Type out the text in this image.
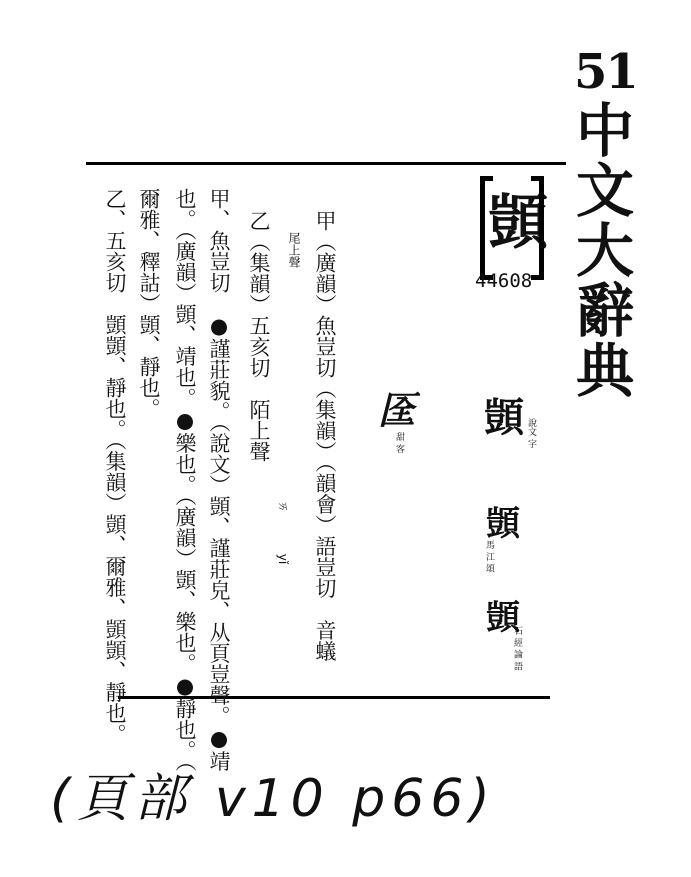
51
中文大辭典
顗
44608
顗 說文 字
顗
馬 江 頌
顗
石 經 論 語
𠤹
甜 客
甲（廣韻）魚豈切（集韻）（韻會）語豈切　音蟻
尾上聲
ㄞ
yǐ
乙（集韻）五亥切　陌上聲
甲、魚豈切　●謹莊貌。（說文）顗、謹莊皃、从頁豈聲。●靖
也。（廣韻）顗、靖也。●樂也。（廣韻）顗、樂也。●靜也。（
爾雅、釋詁）顗、靜也。
乙、五亥切　顗顗、靜也。（集韻）顗、爾雅、顗顗、靜也。
(頁部 v10 p66)
